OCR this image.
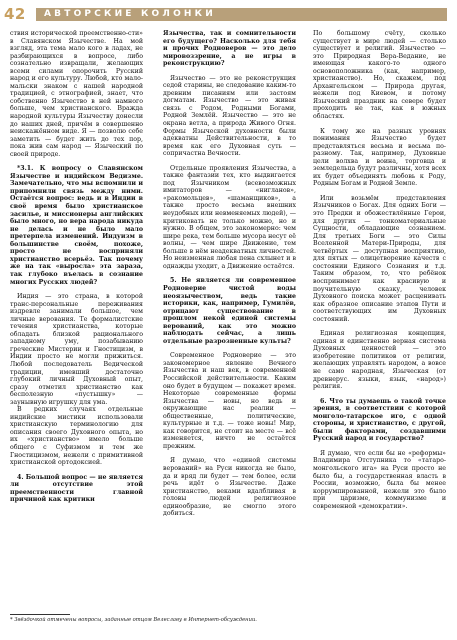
42 АВТОРСКИЕ КОЛОНКИ

ствия исторической преемственно-сти» в Славянском Язычестве. На мой взгляд, эта тема мало кого в ладах, не разбирающихся в вопросе, либо сознательно извращали, желающих всеми силами опорочить Русский народ и его культуру. Любой, кто мало-мальски знаком с нашей народной традицией, с этнографией, знает, что собственно Язычество в ней намного больше, чем христианского. Вражда народной культуры Язычеству донесли до наших дней, причём в совершенно неискажённом виде. Я — позволю себе заметить — будет жить до тех пор, пока жив сам народ — Языческий по своей природе.

*3.1. К вопросу о Славянском Язычестве и индийском Ведизме. Замечательно, что мы вспомнили и припомнили связь между ними. Остаётся вопрос: ведь и в Индии в своё время было христианское засилье, и миссионеры английских было много, но вера народа никуда не делась и не было мало претерпела изменений. Индуизм в большинстве своём, похоже, просто не восприняли христианство всерьёз. Так почему же на так «выросла» эта зараза, так глубоко въелась в сознание многих Русских людей?

Индия — это страна, в которой транс-персональные переживания издревле занимали большое, чем личные верования. Те формалистские течения христианства, которые обладать близкой рационального западному уму, позабыванию греческие Мистерии и Гностицизм, в Индии просто не могли прижиться. Любой последователь Ведической традиции, имевший достаточно глубокий личный Духовный опыт, сразу отметил христианство как бесполезную «пустышку» — заунывную игрушку для ума.

В редких случаях отдельные индийские мистики использовали христианскую терминологию для описания своего Духовного опыта, но их «христианство» имело больше общего с Суфизмом и тем же Гностицизмом, нежели с примитивной христианской ортодоксией.

4. Большой вопрос — не является ли отсутствие этой преемственности главной причиной как критики

Язычества, так и сомнительности его будущего? Насколько для тебя и прочих Родноверов — это дело мировоззрение, а не игры в реконструкцию?

Язычество — это не реконструкция седой старины, не следование каким-то древним писаниям или застоям догматам. Язычество — это живая связь с Родом, Родными Богами, Родной Землёй. Язычество — это не окрана ветла, а природа Живого Огня. Формы Языческой духовности были адекватны Действительности, в то время как его Духовная суть — сопричастна Вечности.

Отдельные проявления Язычества, а также фантазии тех, кто выдвигается под Язычником (всевозможных имитаторов — «нигланов», «ракомольцев», «шаманщиков», а также просто весьма внешних неудобных или невменяемых людей), — критиковать не только можно, но и нужно. В общем, это закономерно: чем шире река, тем больше мусора несут её волны, — чем шире Движение, тем больше в нём неадекватных личностей. Но неизменная любая пена схлынет и в однажды уходит, а Движение остаётся.

5. Не является ли современное Родноверие чистой воды неоязычеством, ведь такие историки, как, например, Гумилёв, отрицают существование в прошлом некой единой системы верований, как это можно наблюдать сейчас, а лишь отдельные разрозненные культы?

Современное Родноверие — это закономерное явление Вечного Язычества и наш век, в современной Российской действительности. Каким оно будет в будущем — покажет время. Некоторые современные формы Язычества — новы, но ведь и окружающие нас реалии — общественные, политические, культурные и т.д. — тоже новы! Мир, как говорится, не стоит на месте — всё изменяется, ничто не остаётся прежним.

Я думаю, что «единой системы верований» на Руси никогда не было, да и вряд ли будет — тем более, если речь идёт о Язычестве. Даже христианство, веками вдалбливая в головы людей религиозное единообразие, не смогло этого добиться.

По большому счёту, сколько существует в мире людей — столько существует и религий. Язычество — это Природная Вера-Ведание, не имеющая какого-то одного основоположника (как, например, христианство). Но, скажем, под Архангельском — Природа другая, нежели под Киевом, и потому Языческий праздник на севере будет проходить не так, как в южных областях.

К тому же на разных уровнях понимания Язычество будет представляться весьма и весьма по-разному. Так, например, Духовные цели волхва и воина, торговца и земледельца будут различны, хотя всех их будет объединять любовь к Роду, Родным Богам и Родной Земле.

Или возьмём представления Язычников о Богах. Для одних Боги — это Предки и обожествлённые Герои, для других — тонкоматериальные Сущности, обладающие сознанием. Для третьих Боги — это Силы Вселенной Матери-Природы, для четвёртых — доступная восприятию, для пятых — олицетворение качеств с состоянии Единого Сознания и т.д. Таким образом, то, что ребёнок воспринимает как красивую и поучительную сказку, человек Духовного поиска может расценивать как образное описание этапов Пути и соответствующих им Духовных состояний.

Единая религиозная концепция, единая и единственно верная система Духовных ценностей — это изобретение политиков от религии, желающих управлять народом, а вовсе не само народная, Языческая (от древнерус. языки, язык, «народ») религия.

6. Что ты думаешь о такой точке зрения, в соответствии с которой монголо-татарское иго, с одной стороны, и христианство, с другой, были факторами, создавшими Русский народ и государство?

Я думаю, что если бы не «реформы» Владимира Отступника то «татаро-монгольского ига» на Руси просто не было бы, а государственная власть в России, возможно, была бы менее коррумпированной, нежели это было при царизме, коммунизме и современной «демократии».

* Звёздочкой отмечены вопросы, заданные отцом Велеславу в Интернет-обсуждении.
